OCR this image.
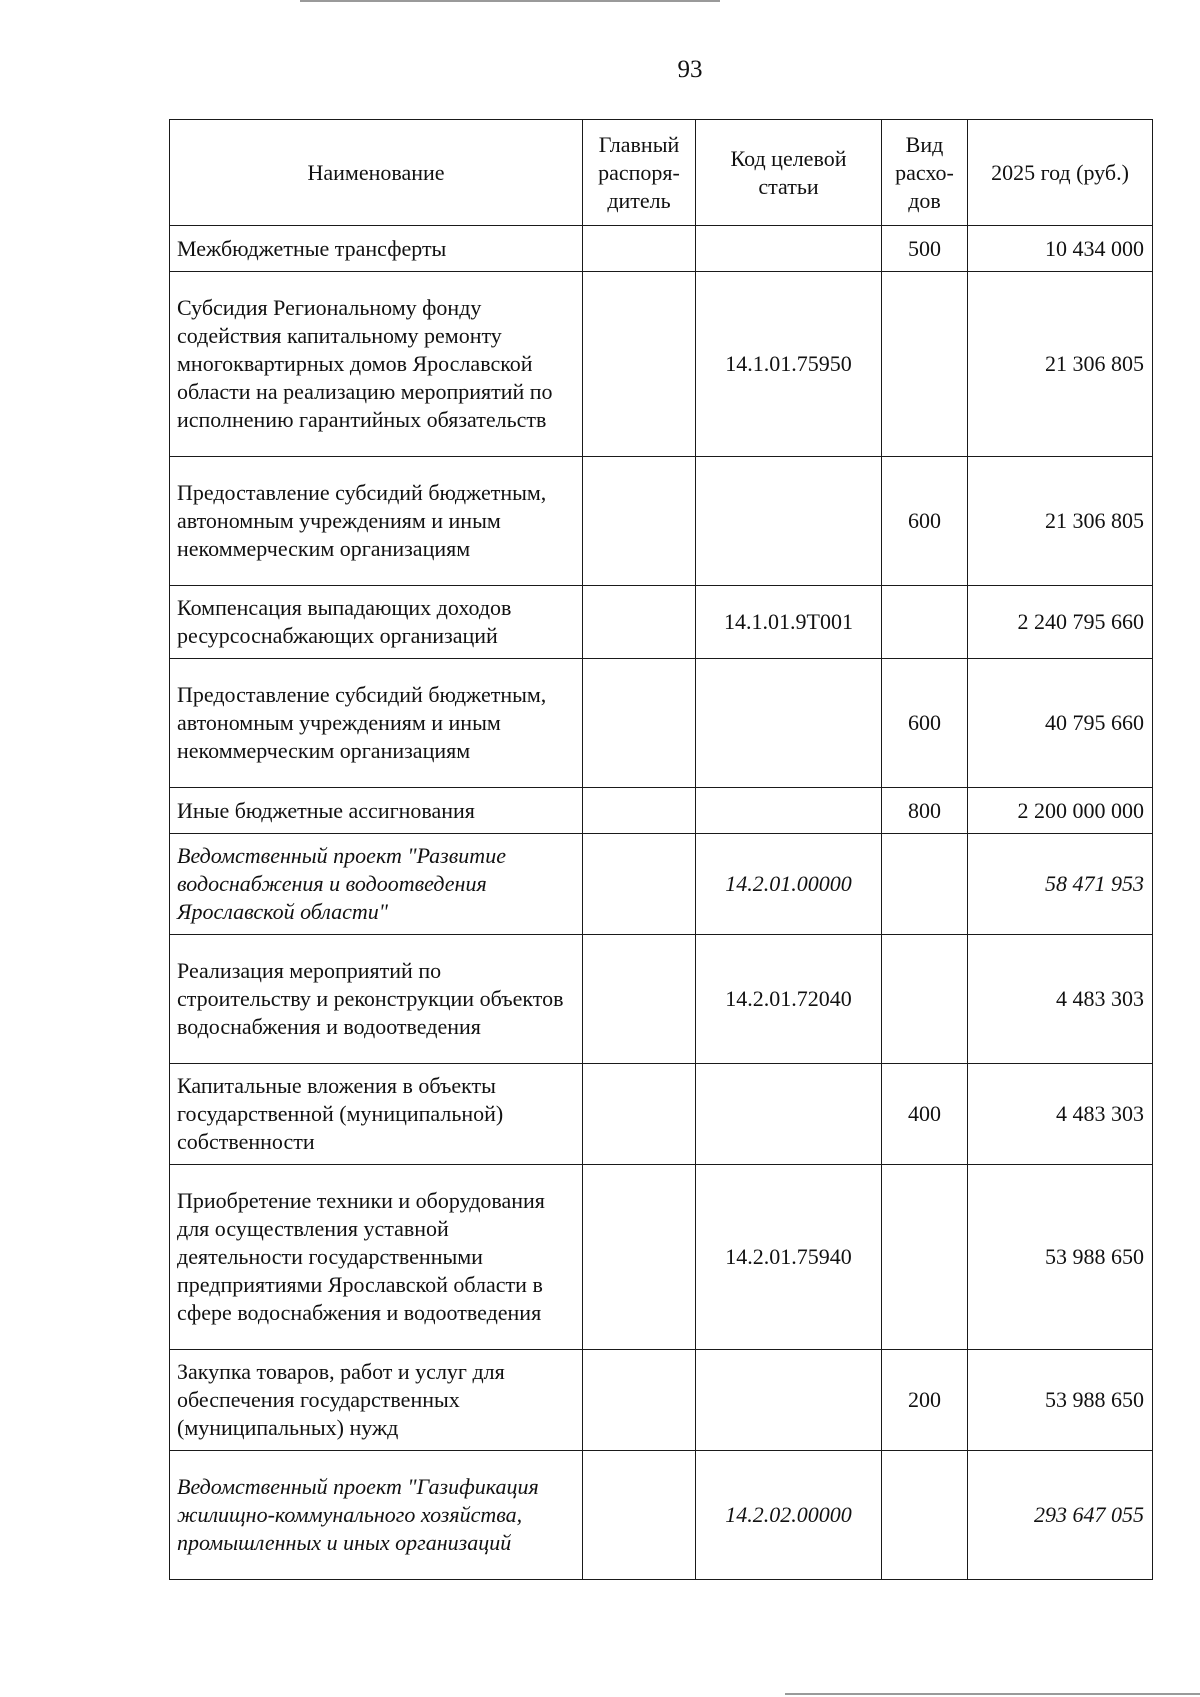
93
Наименование	Главный распоря-дитель	Код целевой статьи	Вид расхо-дов	2025 год (руб.)
Межбюджетные трансферты			500	10 434 000
Субсидия Региональному фонду содействия капитальному ремонту многоквартирных домов Ярославской области на реализацию мероприятий по исполнению гарантийных обязательств		14.1.01.75950		21 306 805
Предоставление субсидий бюджетным, автономным учреждениям и иным некоммерческим организациям			600	21 306 805
Компенсация выпадающих доходов ресурсоснабжающих организаций		14.1.01.9Т001		2 240 795 660
Предоставление субсидий бюджетным, автономным учреждениям и иным некоммерческим организациям			600	40 795 660
Иные бюджетные ассигнования			800	2 200 000 000
Ведомственный проект "Развитие водоснабжения и водоотведения Ярославской области"		14.2.01.00000		58 471 953
Реализация мероприятий по строительству и реконструкции объектов водоснабжения и водоотведения		14.2.01.72040		4 483 303
Капитальные вложения в объекты государственной (муниципальной) собственности			400	4 483 303
Приобретение техники и оборудования для осуществления уставной деятельности государственными предприятиями Ярославской области в сфере водоснабжения и водоотведения		14.2.01.75940		53 988 650
Закупка товаров, работ и услуг для обеспечения государственных (муниципальных) нужд			200	53 988 650
Ведомственный проект "Газификация жилищно-коммунального хозяйства, промышленных и иных организаций		14.2.02.00000		293 647 055
